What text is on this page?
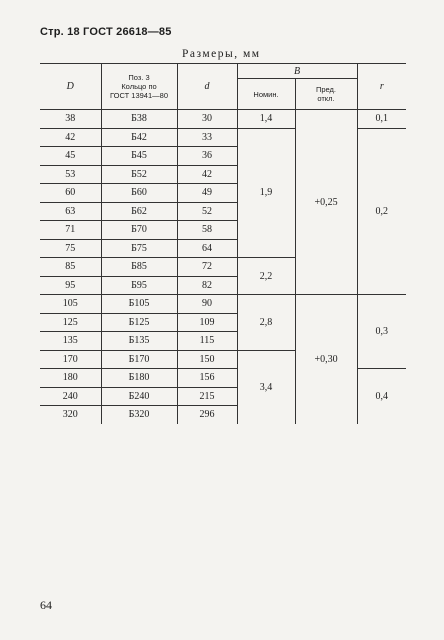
Стр. 18 ГОСТ 26618—85
Размеры, мм
D	Поз. 3
Кольцо по
ГОСТ 13941—80	d	B		r
			Номин.	Пред.
откл.	

38	Б38	30	1,4	+0,25	0,1
42	Б42	33	1,9		0,2
45	Б45	36			
53	Б52	42			
60	Б60	49			
63	Б62	52			
71	Б70	58			
75	Б75	64			
85	Б85	72	2,2		
95	Б95	82			
105	Б105	90	2,8	+0,30	0,3
125	Б125	109			
135	Б135	115			
170	Б170	150	3,4		
180	Б180	156			0,4
240	Б240	215			
320	Б320	296			
64
